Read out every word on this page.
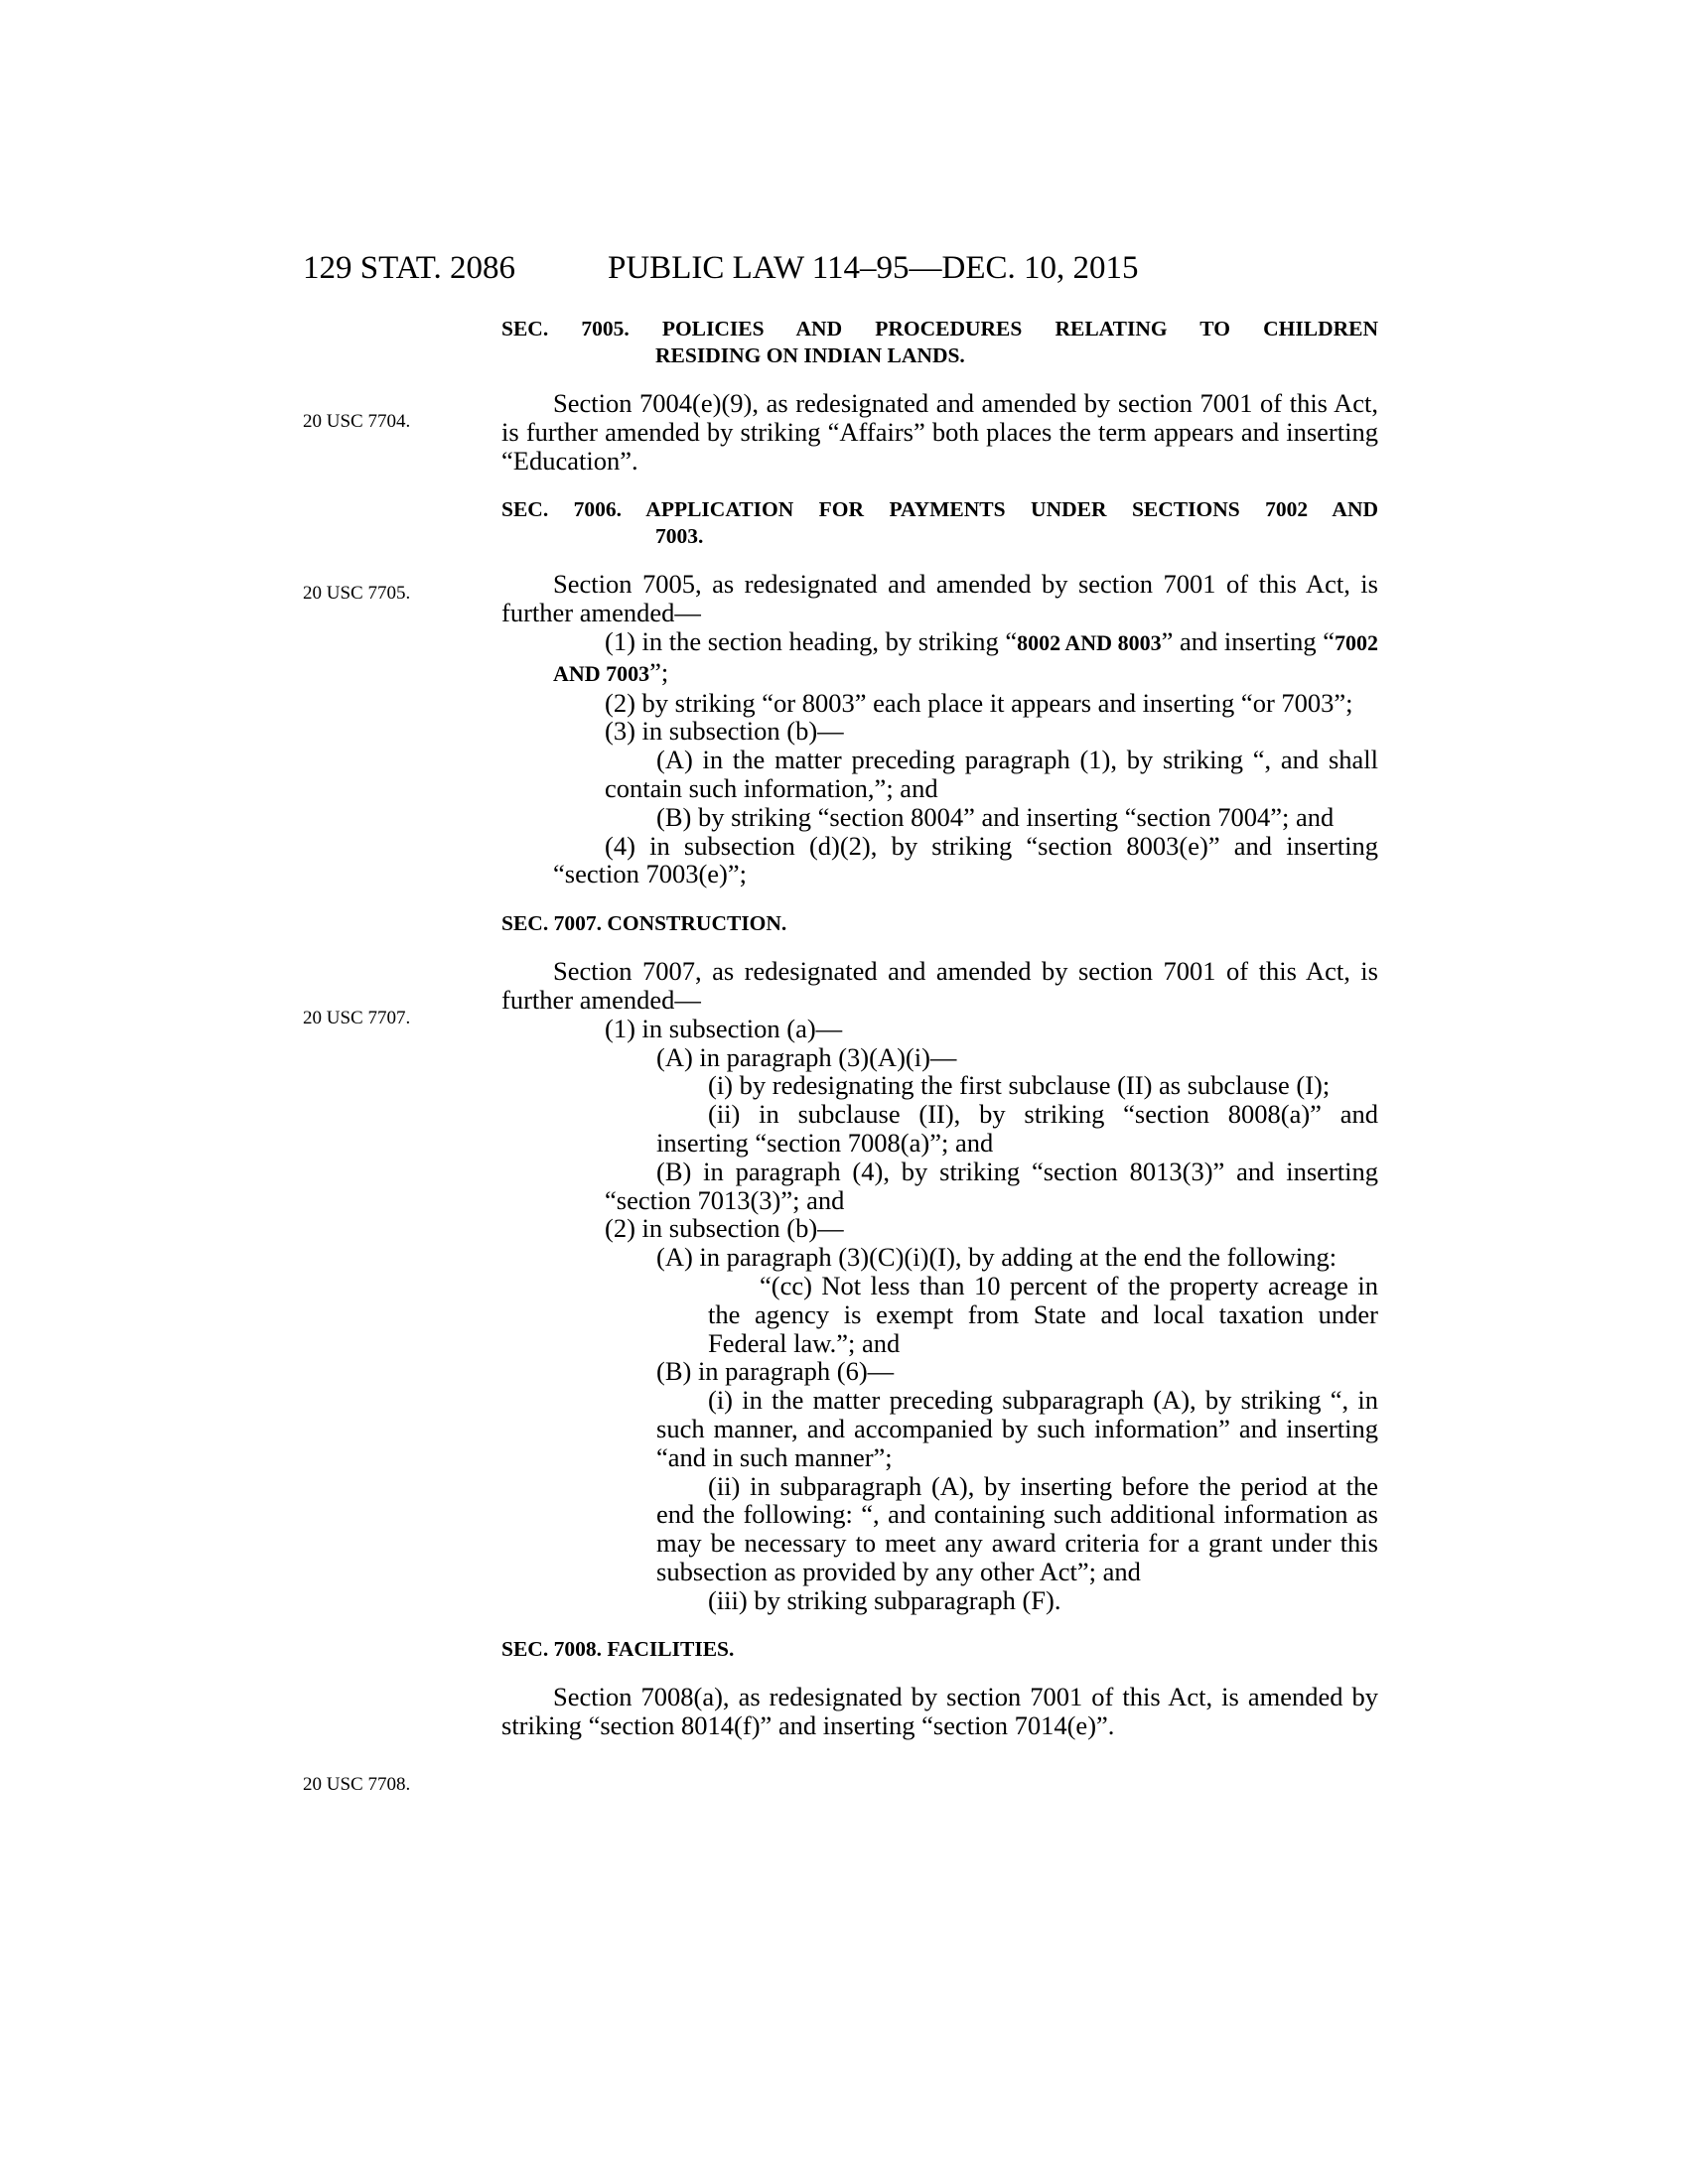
129 STAT. 2086	PUBLIC LAW 114–95—DEC. 10, 2015
20 USC 7704.
20 USC 7705.
20 USC 7707.
20 USC 7708.
SEC. 7005. POLICIES AND PROCEDURES RELATING TO CHILDREN
RESIDING ON INDIAN LANDS.

Section 7004(e)(9), as redesignated and amended by section 7001 of this Act, is further amended by striking “Affairs” both places the term appears and inserting “Education”.

SEC. 7006. APPLICATION FOR PAYMENTS UNDER SECTIONS 7002 AND
7003.

Section 7005, as redesignated and amended by section 7001 of this Act, is further amended—

(1) in the section heading, by striking “8002 AND 8003” and inserting “7002 AND 7003”;

(2) by striking “or 8003” each place it appears and inserting “or 7003”;

(3) in subsection (b)—

(A) in the matter preceding paragraph (1), by striking “, and shall contain such information,”; and

(B) by striking “section 8004” and inserting “section 7004”; and

(4) in subsection (d)(2), by striking “section 8003(e)” and inserting “section 7003(e)”;

SEC. 7007. CONSTRUCTION.

Section 7007, as redesignated and amended by section 7001 of this Act, is further amended—

(1) in subsection (a)—

(A) in paragraph (3)(A)(i)—

(i) by redesignating the first subclause (II) as subclause (I);

(ii) in subclause (II), by striking “section 8008(a)” and inserting “section 7008(a)”; and

(B) in paragraph (4), by striking “section 8013(3)” and inserting “section 7013(3)”; and

(2) in subsection (b)—

(A) in paragraph (3)(C)(i)(I), by adding at the end the following:

“(cc) Not less than 10 percent of the property acreage in the agency is exempt from State and local taxation under Federal law.”; and

(B) in paragraph (6)—

(i) in the matter preceding subparagraph (A), by striking “, in such manner, and accompanied by such information” and inserting “and in such manner”;

(ii) in subparagraph (A), by inserting before the period at the end the following: “, and containing such additional information as may be necessary to meet any award criteria for a grant under this subsection as provided by any other Act”; and

(iii) by striking subparagraph (F).

SEC. 7008. FACILITIES.

Section 7008(a), as redesignated by section 7001 of this Act, is amended by striking “section 8014(f)” and inserting “section 7014(e)”.
